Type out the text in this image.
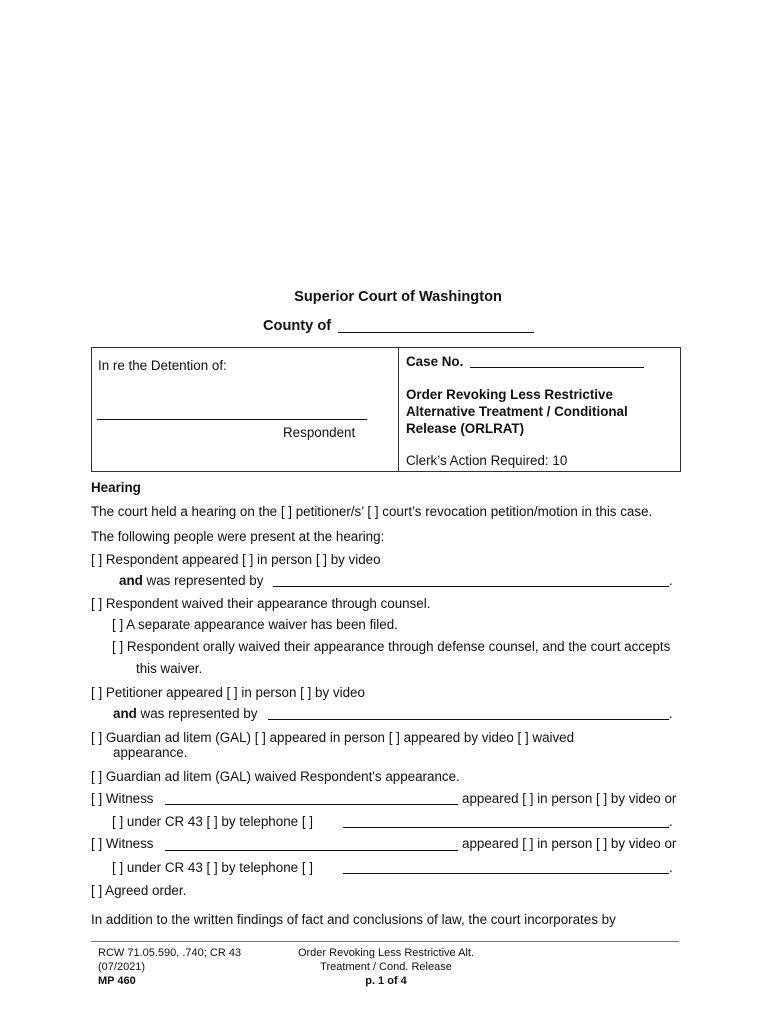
Superior Court of Washington
County of
In re the Detention of:
Respondent
Case No.
Order Revoking Less Restrictive
Alternative Treatment / Conditional
Release (ORLRAT)
Clerk’s Action Required: 10
Hearing
The court held a hearing on the [ ] petitioner/s’ [ ] court’s revocation petition/motion in this case.
The following people were present at the hearing:
[ ] Respondent appeared [ ] in person [ ] by video
and was represented by	.
[ ] Respondent waived their appearance through counsel.
[ ] A separate appearance waiver has been filed.
[ ] Respondent orally waived their appearance through defense counsel, and the court accepts
this waiver.
[ ] Petitioner appeared [ ] in person [ ] by video
and was represented by	.
[ ] Guardian ad litem (GAL) [ ] appeared in person [ ] appeared by video [ ] waived
appearance.
[ ] Guardian ad litem (GAL) waived Respondent's appearance.
[ ] Witness	appeared [ ] in person [ ] by video or
[ ] under CR 43 [ ] by telephone [ ]	.
[ ] Witness	appeared [ ] in person [ ] by video or
[ ] under CR 43 [ ] by telephone [ ]	.
[ ] Agreed order.
In addition to the written findings of fact and conclusions of law, the court incorporates by
RCW 71.05.590, .740; CR 43
(07/2021)
MP 460
Order Revoking Less Restrictive Alt.
Treatment / Cond. Release
p. 1 of 4
